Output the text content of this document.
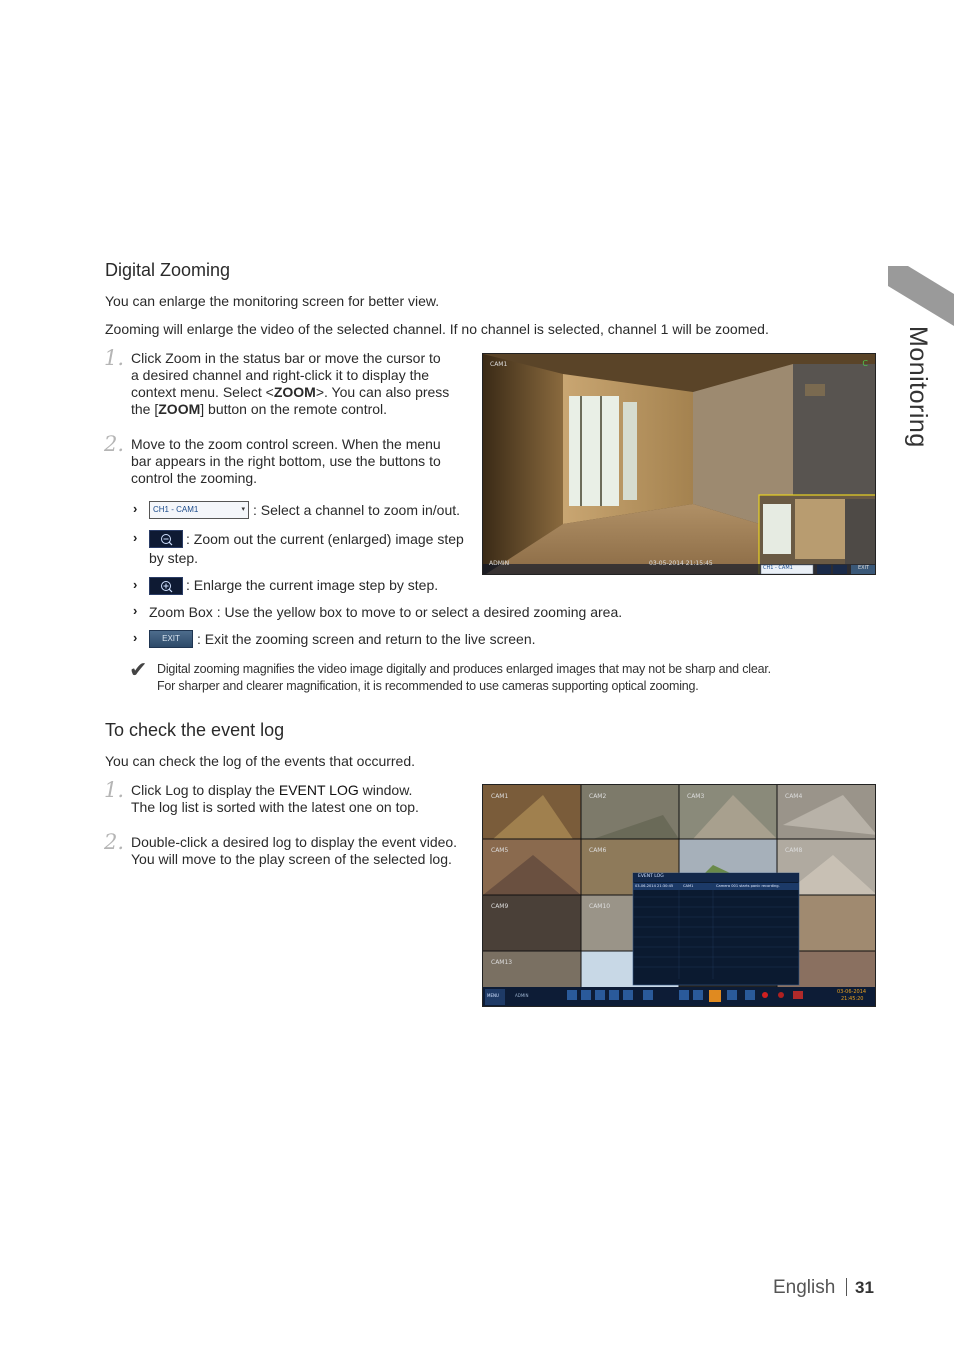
Monitoring
Digital Zooming
You can enlarge the monitoring screen for better view.
Zooming will enlarge the video of the selected channel. If no channel is selected, channel 1 will be zoomed.
1. Click Zoom in the status bar or move the cursor to
a desired channel and right-click it to display the
context menu. Select <ZOOM>. You can also press
the [ZOOM] button on the remote control.
2. Move to the zoom control screen. When the menu
bar appears in the right bottom, use the buttons to
control the zooming.
›	CH1 - CAM1	▾ : Select a channel to zoom in/out.
›	: Zoom out the current (enlarged) image step
by step.
›	: Enlarge the current image step by step.
› Zoom Box : Use the yellow box to move to or select a desired zooming area.
›	EXIT	: Exit the zooming screen and return to the live screen.
✔ Digital zooming magnifies the video image digitally and produces enlarged images that may not be sharp and clear.
For sharper and clearer magnification, it is recommended to use cameras supporting optical zooming.
CAM1	C
ADMIN	03-05-2014 21:15:45
CH1 - CAM1	EXIT
To check the event log
You can check the log of the events that occurred.
1. Click Log to display the EVENT LOG window.
The log list is sorted with the latest one on top.
2. Double-click a desired log to display the event video.
You will move to the play screen of the selected log.
CAM1	CAM2	CAM3	CAM4
CAM5	CAM6	CAM8
CAM9	CAM10
CAM13
EVENT LOG
03-06-2014 21:30:45	CAM1	Camera 001 starts panic recording.
MENU	ADMIN
03-06-2014
21:45:20
English 31
